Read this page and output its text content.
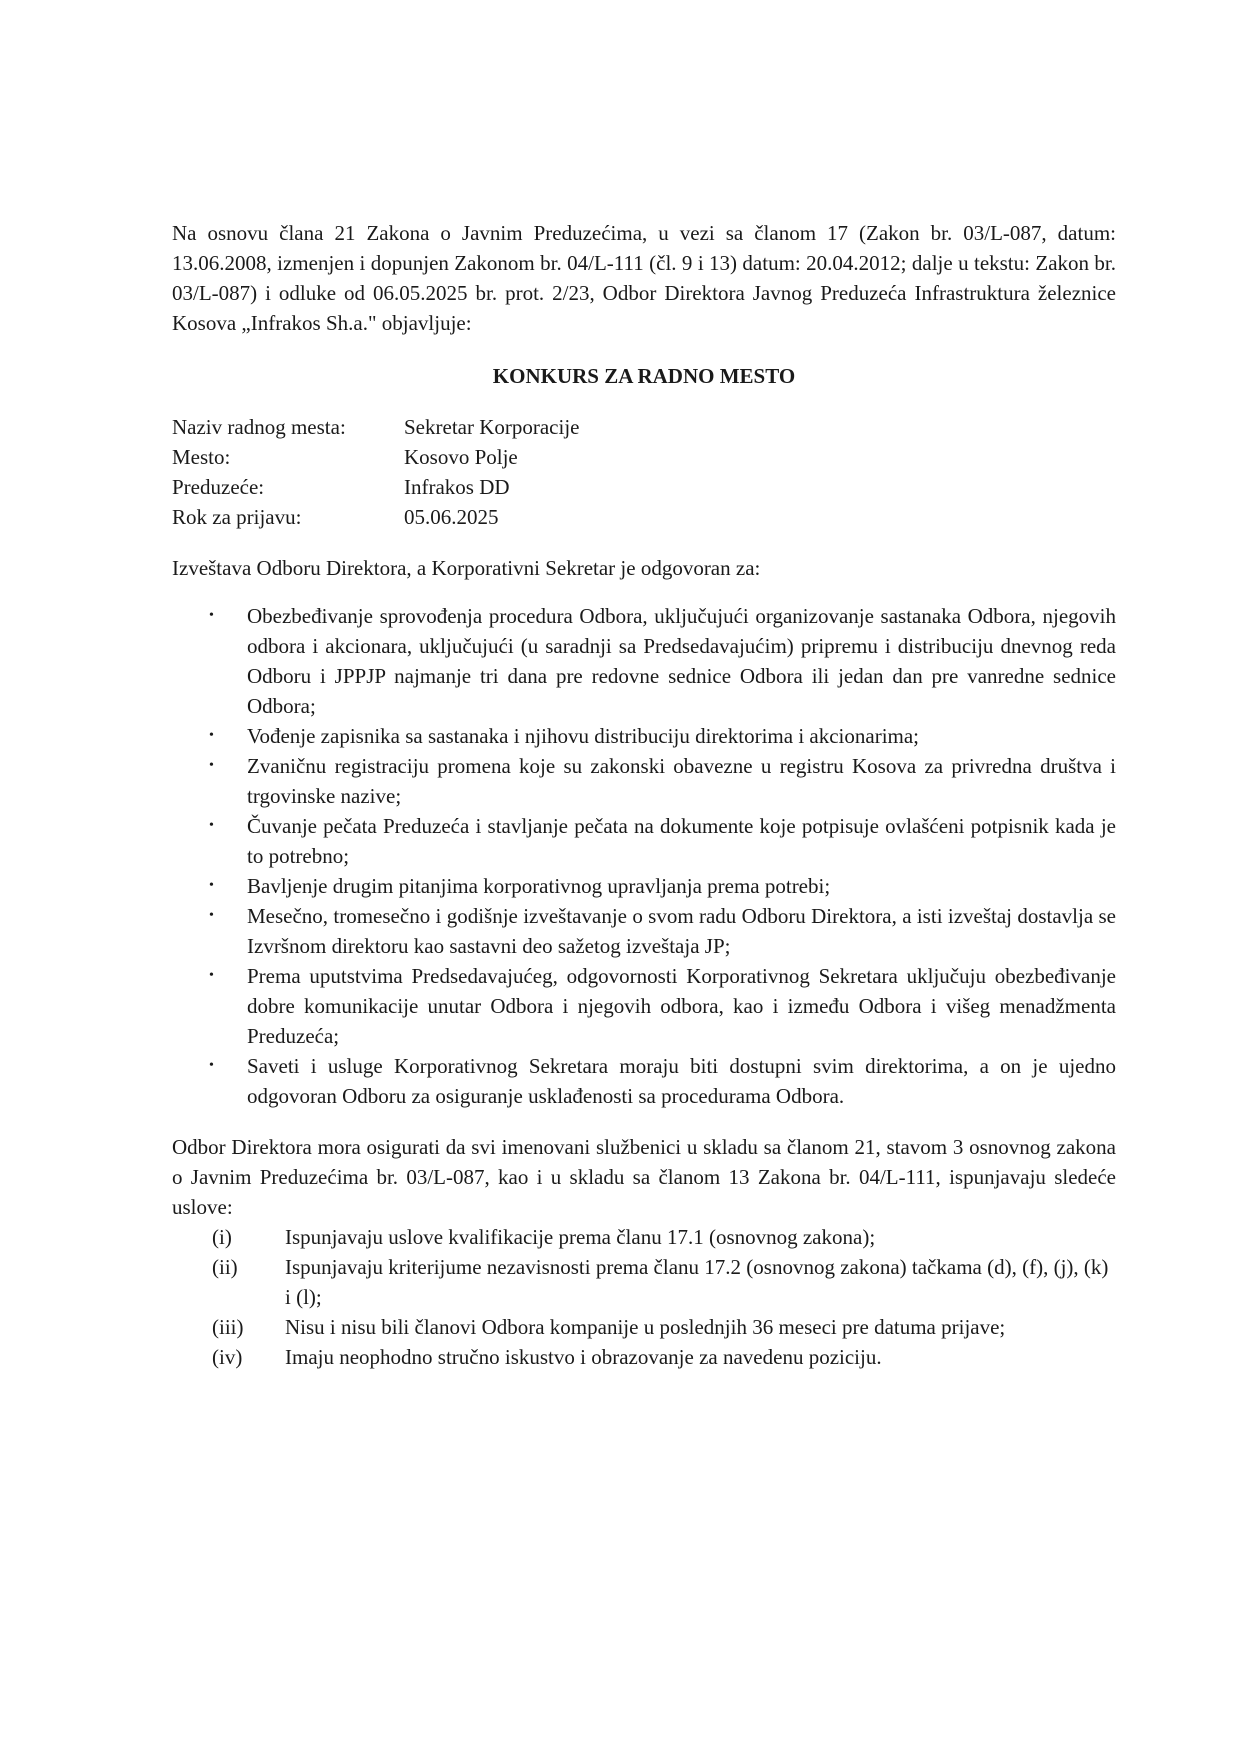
Na osnovu člana 21 Zakona o Javnim Preduzećima, u vezi sa članom 17 (Zakon br. 03/L-087, datum: 13.06.2008, izmenjen i dopunjen Zakonom br. 04/L-111 (čl. 9 i 13) datum: 20.04.2012; dalje u tekstu: Zakon br. 03/L-087) i odluke od 06.05.2025 br. prot. 2/23, Odbor Direktora Javnog Preduzeća Infrastruktura železnice Kosova „Infrakos Sh.a." objavljuje:

KONKURS ZA RADNO MESTO
Naziv radnog mesta:	Sekretar Korporacije
Mesto:	Kosovo Polje
Preduzeće:	Infrakos DD
Rok za prijavu:	05.06.2025

Izveštava Odboru Direktora, a Korporativni Sekretar je odgovoran za:

• Obezbeđivanje sprovođenja procedura Odbora, uključujući organizovanje sastanaka Odbora, njegovih odbora i akcionara, uključujući (u saradnji sa Predsedavajućim) pripremu i distribuciju dnevnog reda Odboru i JPPJP najmanje tri dana pre redovne sednice Odbora ili jedan dan pre vanredne sednice Odbora;
• Vođenje zapisnika sa sastanaka i njihovu distribuciju direktorima i akcionarima;
• Zvaničnu registraciju promena koje su zakonski obavezne u registru Kosova za privredna društva i trgovinske nazive;
• Čuvanje pečata Preduzeća i stavljanje pečata na dokumente koje potpisuje ovlašćeni potpisnik kada je to potrebno;
• Bavljenje drugim pitanjima korporativnog upravljanja prema potrebi;
• Mesečno, tromesečno i godišnje izveštavanje o svom radu Odboru Direktora, a isti izveštaj dostavlja se Izvršnom direktoru kao sastavni deo sažetog izveštaja JP;
• Prema uputstvima Predsedavajućeg, odgovornosti Korporativnog Sekretara uključuju obezbeđivanje dobre komunikacije unutar Odbora i njegovih odbora, kao i između Odbora i višeg menadžmenta Preduzeća;
• Saveti i usluge Korporativnog Sekretara moraju biti dostupni svim direktorima, a on je ujedno odgovoran Odboru za osiguranje usklađenosti sa procedurama Odbora.

Odbor Direktora mora osigurati da svi imenovani službenici u skladu sa članom 21, stavom 3 osnovnog zakona o Javnim Preduzećima br. 03/L-087, kao i u skladu sa članom 13 Zakona br. 04/L-111, ispunjavaju sledeće uslove:

(i)	Ispunjavaju uslove kvalifikacije prema članu 17.1 (osnovnog zakona);
(ii) Ispunjavaju kriterijume nezavisnosti prema članu 17.2 (osnovnog zakona) tačkama (d), (f), (j), (k) i (l);
(iii) Nisu i nisu bili članovi Odbora kompanije u poslednjih 36 meseci pre datuma prijave;
(iv) Imaju neophodno stručno iskustvo i obrazovanje za navedenu poziciju.
